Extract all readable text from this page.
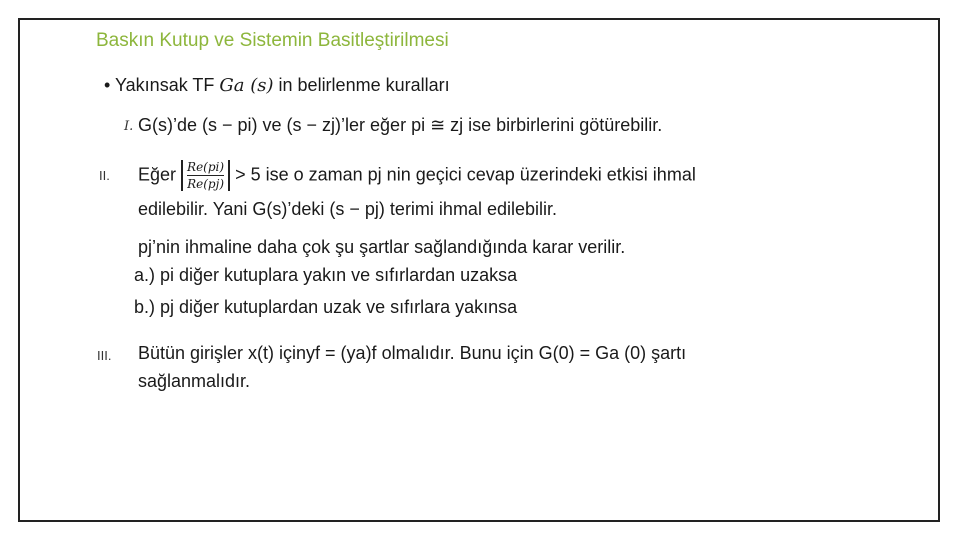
Baskın Kutup ve Sistemin Basitleştirilmesi
• Yakınsak TF Ga (s) in belirlenme kuralları
I. G(s)’de (s − pi) ve (s − zj)’ler eğer pi ≅ zj ise birbirlerini götürebilir.
II. Eğer $\frac{Re(pi)}{Re(pj)} > 5$ ise o zaman pj nin geçici cevap üzerindeki etkisi ihmal
edilebilir. Yani G(s)’deki (s − pj) terimi ihmal edilebilir.
pj’nin ihmaline daha çok şu şartlar sağlandığında karar verilir.
a.) pi diğer kutuplara yakın ve sıfırlardan uzaksa
b.) pj diğer kutuplardan uzak ve sıfırlara yakınsa
III. Bütün girişler x(t) içinyf = (ya)f olmalıdır. Bunu için G(0) = Ga (0) şartı
sağlanmalıdır.
